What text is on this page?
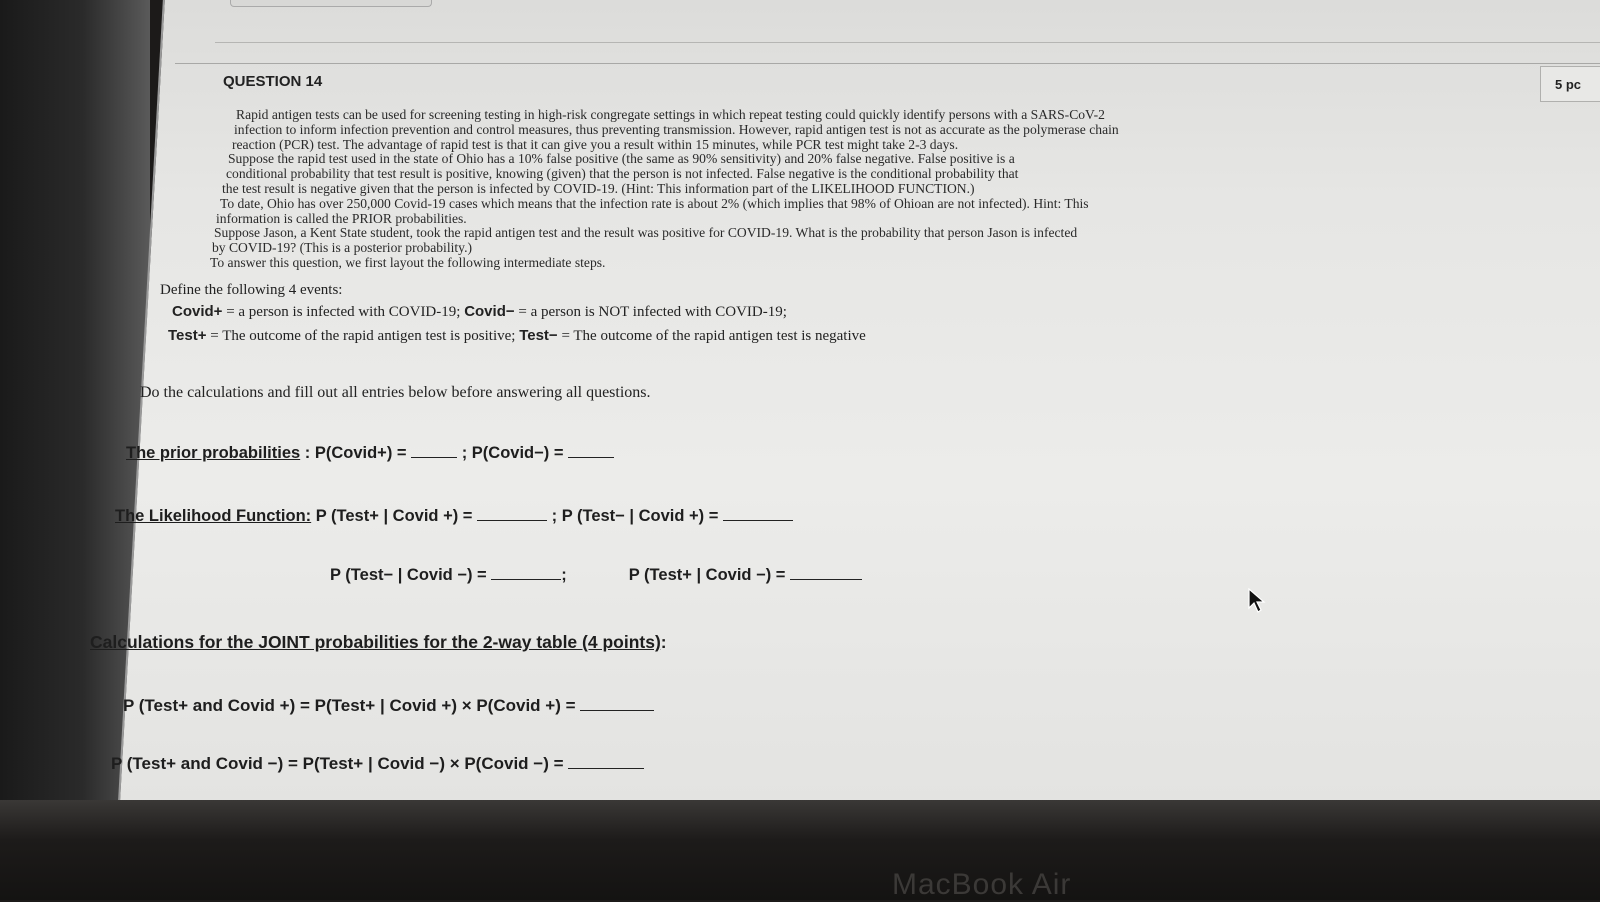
QUESTION 14	5 pc
Rapid antigen tests can be used for screening testing in high-risk congregate settings in which repeat testing could quickly identify persons with a SARS-CoV-2
infection to inform infection prevention and control measures, thus preventing transmission. However, rapid antigen test is not as accurate as the polymerase chain
reaction (PCR) test. The advantage of rapid test is that it can give you a result within 15 minutes, while PCR test might take 2-3 days.
Suppose the rapid test used in the state of Ohio has a 10% false positive (the same as 90% sensitivity) and 20% false negative. False positive is a
conditional probability that test result is positive, knowing (given) that the person is not infected. False negative is the conditional probability that
the test result is negative given that the person is infected by COVID-19. (Hint: This information part of the LIKELIHOOD FUNCTION.)
To date, Ohio has over 250,000 Covid-19 cases which means that the infection rate is about 2% (which implies that 98% of Ohioan are not infected). Hint: This
information is called the PRIOR probabilities.
Suppose Jason, a Kent State student, took the rapid antigen test and the result was positive for COVID-19. What is the probability that person Jason is infected
by COVID-19? (This is a posterior probability.)
To answer this question, we first layout the following intermediate steps.
Define the following 4 events:
Covid+ = a person is infected with COVID-19; Covid− = a person is NOT infected with COVID-19;
Test+ = The outcome of the rapid antigen test is positive; Test− = The outcome of the rapid antigen test is negative
Do the calculations and fill out all entries below before answering all questions.
The prior probabilities : P(Covid+) =	; P(Covid−) =
The Likelihood Function: P (Test+ | Covid +) =	; P (Test− | Covid +) =
P (Test− | Covid −) =	;	P (Test+ | Covid −) =
Calculations for the JOINT probabilities for the 2-way table (4 points):
P (Test+ and Covid +) = P(Test+ | Covid +) × P(Covid +) =
P (Test+ and Covid −) = P(Test+ | Covid −) × P(Covid −) =
MacBook Air
